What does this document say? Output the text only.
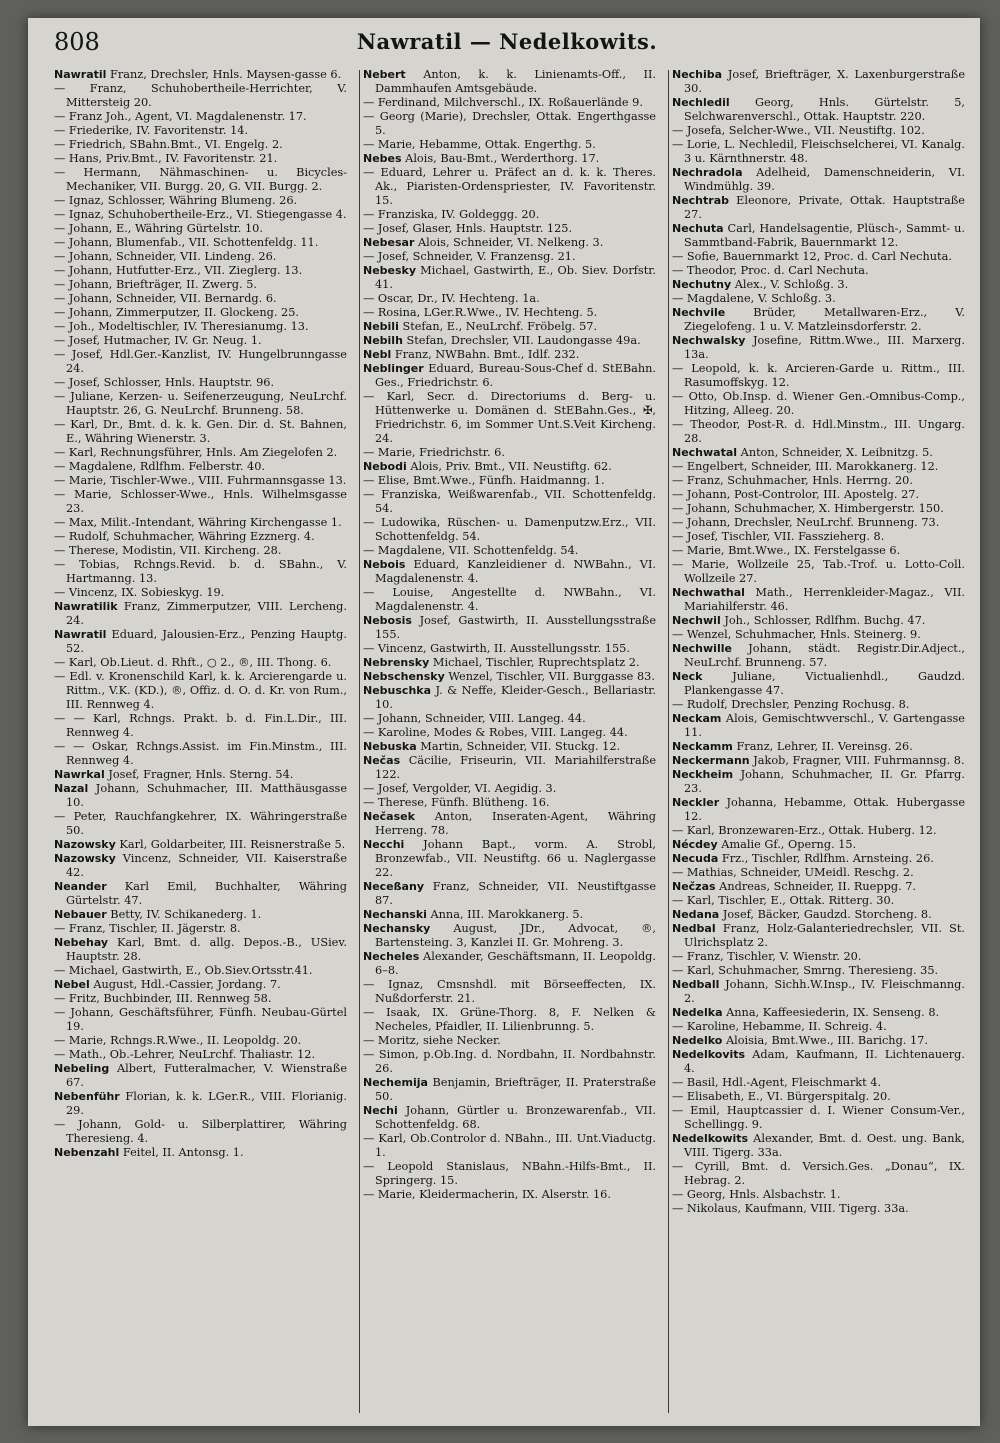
808	Nawratil — Nedelkowits.

Nawratil Franz, Drechsler, Hnls. Maysen-gasse 6.

— Franz, Schuhobertheile-Herrichter, V. Mittersteig 20.

— Franz Joh., Agent, VI. Magdalenenstr. 17.

— Friederike, IV. Favoritenstr. 14.

— Friedrich, SBahn.Bmt., VI. Engelg. 2.

— Hans, Priv.Bmt., IV. Favoritenstr. 21.

— Hermann, Nähmaschinen- u. Bicycles-Mechaniker, VII. Burgg. 20, G. VII. Burgg. 2.

— Ignaz, Schlosser, Währing Blumeng. 26.

— Ignaz, Schuhobertheile-Erz., VI. Stiegengasse 4.

— Johann, E., Währing Gürtelstr. 10.

— Johann, Blumenfab., VII. Schottenfeldg. 11.

— Johann, Schneider, VII. Lindeng. 26.

— Johann, Hutfutter-Erz., VII. Zieglerg. 13.

— Johann, Briefträger, II. Zwerg. 5.

— Johann, Schneider, VII. Bernardg. 6.

— Johann, Zimmerputzer, II. Glockeng. 25.

— Joh., Modeltischler, IV. Theresianumg. 13.

— Josef, Hutmacher, IV. Gr. Neug. 1.

— Josef, Hdl.Ger.-Kanzlist, IV. Hungelbrunngasse 24.

— Josef, Schlosser, Hnls. Hauptstr. 96.

— Juliane, Kerzen- u. Seifenerzeugung, NeuLrchf. Hauptstr. 26, G. NeuLrchf. Brunneng. 58.

— Karl, Dr., Bmt. d. k. k. Gen. Dir. d. St. Bahnen, E., Währing Wienerstr. 3.

— Karl, Rechnungsführer, Hnls. Am Ziegelofen 2.

— Magdalene, Rdlfhm. Felberstr. 40.

— Marie, Tischler-Wwe., VIII. Fuhrmannsgasse 13.

— Marie, Schlosser-Wwe., Hnls. Wilhelmsgasse 23.

— Max, Milit.-Intendant, Währing Kirchengasse 1.

— Rudolf, Schuhmacher, Währing Ezznerg. 4.

— Therese, Modistin, VII. Kircheng. 28.

— Tobias, Rchngs.Revid. b. d. SBahn., V. Hartmanng. 13.

— Vincenz, IX. Sobieskyg. 19.

Nawratilik Franz, Zimmerputzer, VIII. Lercheng. 24.

Nawratil Eduard, Jalousien-Erz., Penzing Hauptg. 52.

— Karl, Ob.Lieut. d. Rhft., ○ 2., ®, III. Thong. 6.

— Edl. v. Kronenschild Karl, k. k. Arcierengarde u. Rittm., V.K. (KD.), ®, Offiz. d. O. d. Kr. von Rum., III. Rennweg 4.

— — Karl, Rchngs. Prakt. b. d. Fin.L.Dir., III. Rennweg 4.

— — Oskar, Rchngs.Assist. im Fin.Minstm., III. Rennweg 4.

Nawrkal Josef, Fragner, Hnls. Sterng. 54.

Nazal Johann, Schuhmacher, III. Matthäusgasse 10.

— Peter, Rauchfangkehrer, IX. Währingerstraße 50.

Nazowsky Karl, Goldarbeiter, III. Reisnerstraße 5.

Nazowsky Vincenz, Schneider, VII. Kaiserstraße 42.

Neander Karl Emil, Buchhalter, Währing Gürtelstr. 47.

Nebauer Betty, IV. Schikanederg. 1.

— Franz, Tischler, II. Jägerstr. 8.

Nebehay Karl, Bmt. d. allg. Depos.-B., USiev. Hauptstr. 28.

— Michael, Gastwirth, E., Ob.Siev.Ortsstr.41.

Nebel August, Hdl.-Cassier, Jordang. 7.

— Fritz, Buchbinder, III. Rennweg 58.

— Johann, Geschäftsführer, Fünfh. Neubau-Gürtel 19.

— Marie, Rchngs.R.Wwe., II. Leopoldg. 20.

— Math., Ob.-Lehrer, NeuLrchf. Thaliastr. 12.

Nebeling Albert, Futteralmacher, V. Wienstraße 67.

Nebenführ Florian, k. k. LGer.R., VIII. Florianig. 29.

— Johann, Gold- u. Silberplattirer, Währing Theresieng. 4.

Nebenzahl Feitel, II. Antonsg. 1.

Nebert Anton, k. k. Linienamts-Off., II. Dammhaufen Amtsgebäude.

— Ferdinand, Milchverschl., IX. Roßauerlände 9.

— Georg (Marie), Drechsler, Ottak. Engerthgasse 5.

— Marie, Hebamme, Ottak. Engerthg. 5.

Nebes Alois, Bau-Bmt., Werderthorg. 17.

— Eduard, Lehrer u. Präfect an d. k. k. Theres. Ak., Piaristen-Ordenspriester, IV. Favoritenstr. 15.

— Franziska, IV. Goldeggg. 20.

— Josef, Glaser, Hnls. Hauptstr. 125.

Nebesar Alois, Schneider, VI. Nelkeng. 3.

— Josef, Schneider, V. Franzensg. 21.

Nebesky Michael, Gastwirth, E., Ob. Siev. Dorfstr. 41.

— Oscar, Dr., IV. Hechteng. 1a.

— Rosina, LGer.R.Wwe., IV. Hechteng. 5.

Nebili Stefan, E., NeuLrchf. Fröbelg. 57.

Nebilh Stefan, Drechsler, VII. Laudongasse 49a.

Nebl Franz, NWBahn. Bmt., Idlf. 232.

Neblinger Eduard, Bureau-Sous-Chef d. StEBahn. Ges., Friedrichstr. 6.

— Karl, Secr. d. Directoriums d. Berg- u. Hüttenwerke u. Domänen d. StEBahn.Ges., ✠, Friedrichstr. 6, im Sommer Unt.S.Veit Kircheng. 24.

— Marie, Friedrichstr. 6.

Nebodi Alois, Priv. Bmt., VII. Neustiftg. 62.

— Elise, Bmt.Wwe., Fünfh. Haidmanng. 1.

— Franziska, Weißwarenfab., VII. Schottenfeldg. 54.

— Ludowika, Rüschen- u. Damenputzw.Erz., VII. Schottenfeldg. 54.

— Magdalene, VII. Schottenfeldg. 54.

Nebois Eduard, Kanzleidiener d. NWBahn., VI. Magdalenenstr. 4.

— Louise, Angestellte d. NWBahn., VI. Magdalenenstr. 4.

Nebosis Josef, Gastwirth, II. Ausstellungsstraße 155.

— Vincenz, Gastwirth, II. Ausstellungsstr. 155.

Nebrensky Michael, Tischler, Ruprechtsplatz 2.

Nebschensky Wenzel, Tischler, VII. Burggasse 83.

Nebuschka J. & Neffe, Kleider-Gesch., Bellariastr. 10.

— Johann, Schneider, VIII. Langeg. 44.

— Karoline, Modes & Robes, VIII. Langeg. 44.

Nebuska Martin, Schneider, VII. Stuckg. 12.

Nečas Cäcilie, Friseurin, VII. Mariahilferstraße 122.

— Josef, Vergolder, VI. Aegidig. 3.

— Therese, Fünfh. Blütheng. 16.

Nečasek Anton, Inseraten-Agent, Währing Herreng. 78.

Necchi Johann Bapt., vorm. A. Strobl, Bronzewfab., VII. Neustiftg. 66 u. Naglergasse 22.

Neceßany Franz, Schneider, VII. Neustiftgasse 87.

Nechanski Anna, III. Marokkanerg. 5.

Nechansky August, JDr., Advocat, ®, Bartensteing. 3, Kanzlei II. Gr. Mohreng. 3.

Necheles Alexander, Geschäftsmann, II. Leopoldg. 6–8.

— Ignaz, Cmsnshdl. mit Börseeffecten, IX. Nußdorferstr. 21.

— Isaak, IX. Grüne-Thorg. 8, F. Nelken & Necheles, Pfaidler, II. Lilienbrunng. 5.

— Moritz, siehe Necker.

— Simon, p.Ob.Ing. d. Nordbahn, II. Nordbahnstr. 26.

Nechemija Benjamin, Briefträger, II. Praterstraße 50.

Nechi Johann, Gürtler u. Bronzewarenfab., VII. Schottenfeldg. 68.

— Karl, Ob.Controlor d. NBahn., III. Unt.Viaductg. 1.

— Leopold Stanislaus, NBahn.-Hilfs-Bmt., II. Springerg. 15.

— Marie, Kleidermacherin, IX. Alserstr. 16.

Nechiba Josef, Briefträger, X. Laxenburgerstraße 30.

Nechledil Georg, Hnls. Gürtelstr. 5, Selchwarenverschl., Ottak. Hauptstr. 220.

— Josefa, Selcher-Wwe., VII. Neustiftg. 102.

— Lorie, L. Nechledil, Fleischselcherei, VI. Kanalg. 3 u. Kärnthnerstr. 48.

Nechradola Adelheid, Damenschneiderin, VI. Windmühlg. 39.

Nechtrab Eleonore, Private, Ottak. Hauptstraße 27.

Nechuta Carl, Handelsagentie, Plüsch-, Sammt- u. Sammtband-Fabrik, Bauernmarkt 12.

— Sofie, Bauernmarkt 12, Proc. d. Carl Nechuta.

— Theodor, Proc. d. Carl Nechuta.

Nechutny Alex., V. Schloßg. 3.

— Magdalene, V. Schloßg. 3.

Nechvile Brüder, Metallwaren-Erz., V. Ziegelofeng. 1 u. V. Matzleinsdorferstr. 2.

Nechwalsky Josefine, Rittm.Wwe., III. Marxerg. 13a.

— Leopold, k. k. Arcieren-Garde u. Rittm., III. Rasumoffskyg. 12.

— Otto, Ob.Insp. d. Wiener Gen.-Omnibus-Comp., Hitzing, Alleeg. 20.

— Theodor, Post-R. d. Hdl.Minstm., III. Ungarg. 28.

Nechwatal Anton, Schneider, X. Leibnitzg. 5.

— Engelbert, Schneider, III. Marokkanerg. 12.

— Franz, Schuhmacher, Hnls. Herrng. 20.

— Johann, Post-Controlor, III. Apostelg. 27.

— Johann, Schuhmacher, X. Himbergerstr. 150.

— Johann, Drechsler, NeuLrchf. Brunneng. 73.

— Josef, Tischler, VII. Fasszieherg. 8.

— Marie, Bmt.Wwe., IX. Ferstelgasse 6.

— Marie, Wollzeile 25, Tab.-Trof. u. Lotto-Coll. Wollzeile 27.

Nechwathal Math., Herrenkleider-Magaz., VII. Mariahilferstr. 46.

Nechwil Joh., Schlosser, Rdlfhm. Buchg. 47.

— Wenzel, Schuhmacher, Hnls. Steinerg. 9.

Nechwille Johann, städt. Registr.Dir.Adject., NeuLrchf. Brunneng. 57.

Neck	Juliane, Victualienhdl., Gaudzd. Plankengasse 47.

— Rudolf, Drechsler, Penzing Rochusg. 8.

Neckam Alois, Gemischtwverschl., V. Gartengasse 11.

Neckamm Franz, Lehrer, II. Vereinsg. 26.

Neckermann Jakob, Fragner, VIII. Fuhrmannsg. 8.

Neckheim Johann, Schuhmacher, II. Gr. Pfarrg. 23.

Neckler Johanna, Hebamme, Ottak. Hubergasse 12.

— Karl, Bronzewaren-Erz., Ottak. Huberg. 12.

Nécdey Amalie Gf., Operng. 15.

Necuda Frz., Tischler, Rdlfhm. Arnsteing. 26.

— Mathias, Schneider, UMeidl. Reschg. 2.

Nečzas Andreas, Schneider, II. Rueppg. 7.

— Karl, Tischler, E., Ottak. Ritterg. 30.

Nedana Josef, Bäcker, Gaudzd. Storcheng. 8.

Nedbal Franz, Holz-Galanteriedrechsler, VII. St. Ulrichsplatz 2.

— Franz, Tischler, V. Wienstr. 20.

— Karl, Schuhmacher, Smrng. Theresieng. 35.

Nedball Johann, Sichh.W.Insp., IV. Fleischmanng. 2.

Nedelka Anna, Kaffeesiederin, IX. Senseng. 8.

— Karoline, Hebamme, II. Schreig. 4.

Nedelko Aloisia, Bmt.Wwe., III. Barichg. 17.

Nedelkovits Adam, Kaufmann, II. Lichtenauerg. 4.

— Basil, Hdl.-Agent, Fleischmarkt 4.

— Elisabeth, E., VI. Bürgerspitalg. 20.

— Emil, Hauptcassier d. I. Wiener Consum-Ver., Schellingg. 9.

Nedelkowits Alexander, Bmt. d. Oest. ung. Bank, VIII. Tigerg. 33a.

— Cyrill, Bmt. d. Versich.Ges. „Donau“, IX. Hebrag. 2.

— Georg, Hnls. Alsbachstr. 1.

— Nikolaus, Kaufmann, VIII. Tigerg. 33a.
